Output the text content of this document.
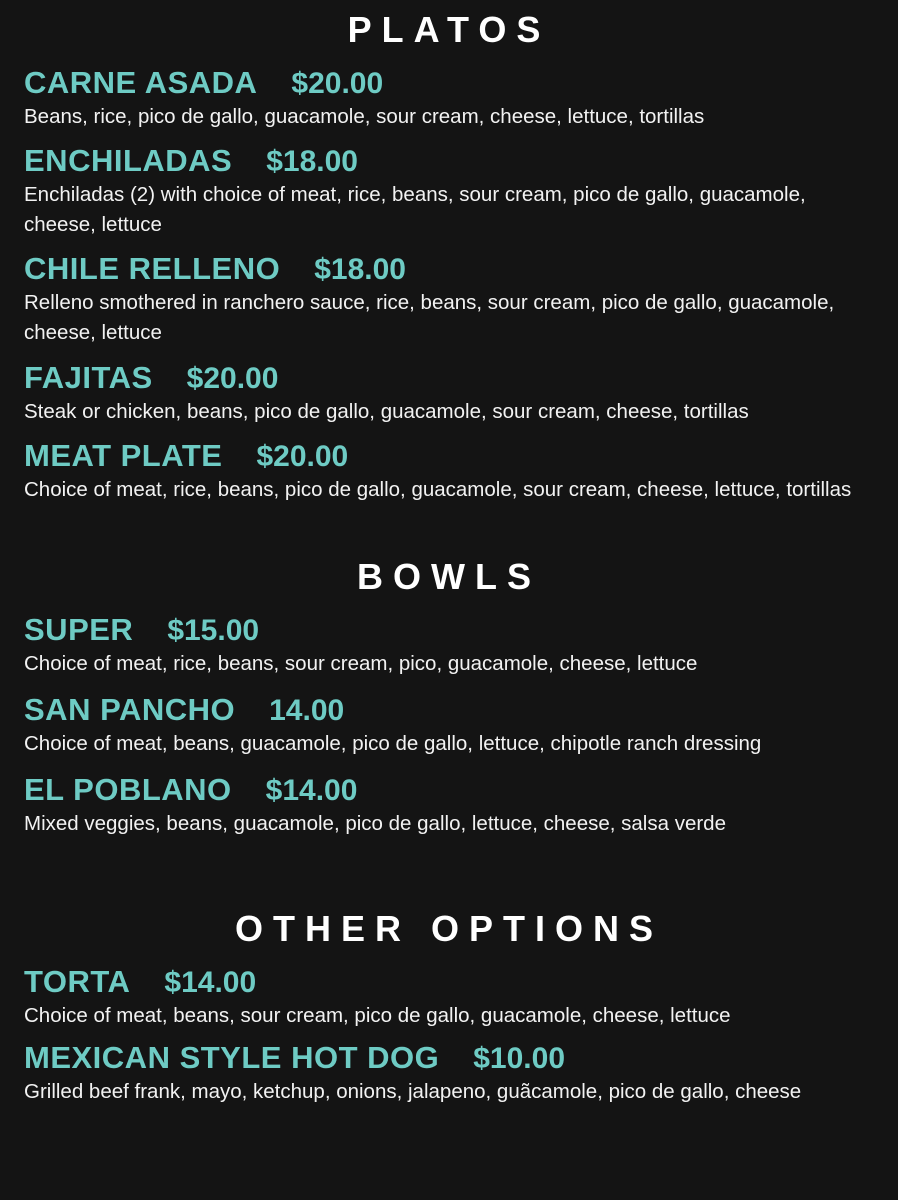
PLATOS
CARNE ASADA $20.00
Beans, rice, pico de gallo, guacamole, sour cream, cheese, lettuce, tortillas
ENCHILADAS $18.00
Enchiladas (2) with choice of meat, rice, beans, sour cream, pico de gallo, guacamole, cheese, lettuce
CHILE RELLENO $18.00
Relleno smothered in ranchero sauce, rice, beans, sour cream, pico de gallo, guacamole, cheese, lettuce
FAJITAS $20.00
Steak or chicken, beans, pico de gallo, guacamole, sour cream, cheese, tortillas
MEAT PLATE $20.00
Choice of meat, rice, beans, pico de gallo, guacamole, sour cream, cheese, lettuce, tortillas
BOWLS
SUPER $15.00
Choice of meat, rice, beans, sour cream, pico, guacamole, cheese, lettuce
SAN PANCHO 14.00
Choice of meat, beans, guacamole, pico de gallo, lettuce, chipotle ranch dressing
EL POBLANO $14.00
Mixed veggies, beans, guacamole, pico de gallo, lettuce, cheese, salsa verde
OTHER OPTIONS
TORTA $14.00
Choice of meat, beans, sour cream, pico de gallo, guacamole, cheese, lettuce
MEXICAN STYLE HOT DOG $10.00
Grilled beef frank, mayo, ketchup, onions, jalapeno, guãcamole, pico de gallo, cheese
